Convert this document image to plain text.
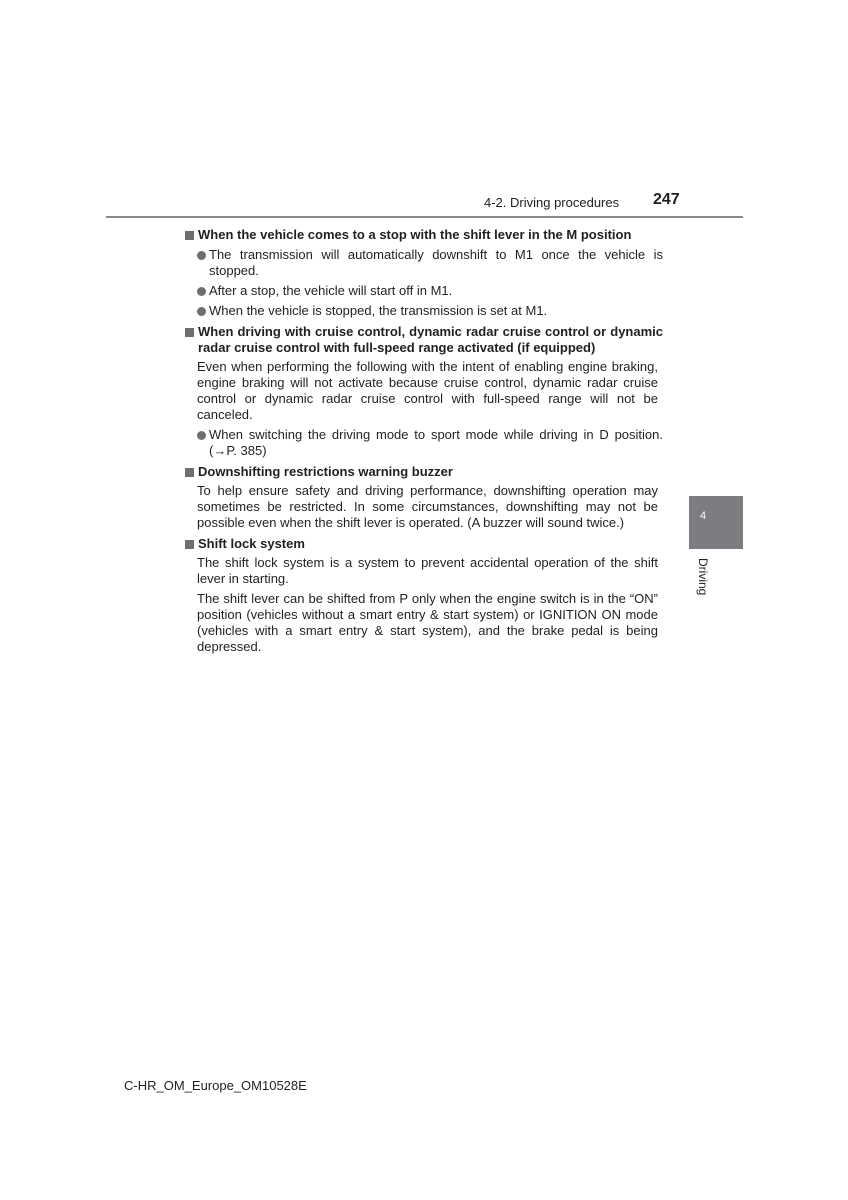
4-2. Driving procedures 247
4
Driving
When the vehicle comes to a stop with the shift lever in the M position
The transmission will automatically downshift to M1 once the vehicle is stopped.
After a stop, the vehicle will start off in M1.
When the vehicle is stopped, the transmission is set at M1.
When driving with cruise control, dynamic radar cruise control or dynamic radar cruise control with full-speed range activated (if equipped)
Even when performing the following with the intent of enabling engine braking, engine braking will not activate because cruise control, dynamic radar cruise control or dynamic radar cruise control with full-speed range will not be canceled.
When switching the driving mode to sport mode while driving in D position. (→P. 385)
Downshifting restrictions warning buzzer
To help ensure safety and driving performance, downshifting operation may sometimes be restricted. In some circumstances, downshifting may not be possible even when the shift lever is operated. (A buzzer will sound twice.)
Shift lock system
The shift lock system is a system to prevent accidental operation of the shift lever in starting.
The shift lever can be shifted from P only when the engine switch is in the “ON” position (vehicles without a smart entry & start system) or IGNITION ON mode (vehicles with a smart entry & start system), and the brake pedal is being depressed.
C-HR_OM_Europe_OM10528E
